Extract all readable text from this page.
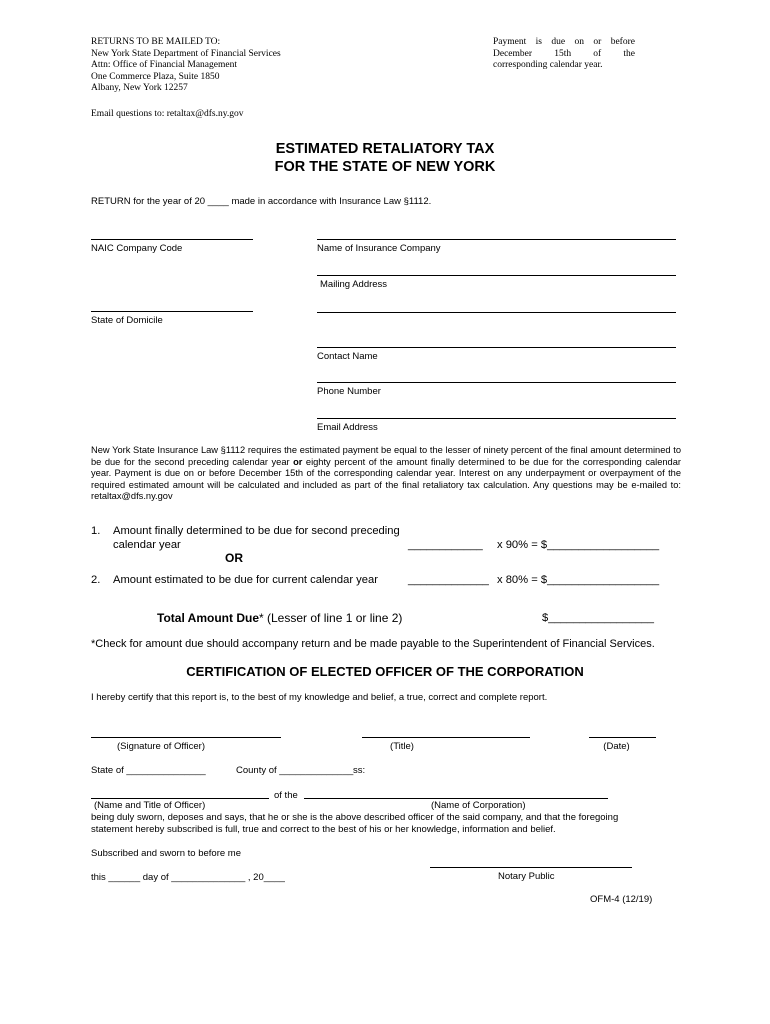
RETURNS TO BE MAILED TO:
New York State Department of Financial Services
Attn: Office of Financial Management
One Commerce Plaza, Suite 1850
Albany, New York 12257
Payment is due on or before
December 15th of the
corresponding calendar year.
Email questions to: retaltax@dfs.ny.gov
ESTIMATED RETALIATORY TAX
FOR THE STATE OF NEW YORK
RETURN for the year of 20 ____ made in accordance with Insurance Law §1112.
NAIC Company Code	Name of Insurance Company
Mailing Address
State of Domicile
Contact Name
Phone Number
Email Address
New York State Insurance Law §1112 requires the estimated payment be equal to the lesser of ninety percent of the final amount determined to be due for the second preceding calendar year or eighty percent of the amount finally determined to be due for the corresponding calendar year. Payment is due on or before December 15th of the corresponding calendar year. Interest on any underpayment or overpayment of the required estimated amount will be calculated and included as part of the final retaliatory tax calculation. Any questions may be e-mailed to: retaltax@dfs.ny.gov
1. Amount finally determined to be due for second preceding
calendar year	____________ x 90% = $__________________
OR
2. Amount estimated to be due for current calendar year	_____________ x 80% = $__________________
Total Amount Due* (Lesser of line 1 or line 2)	$_________________
*Check for amount due should accompany return and be made payable to the Superintendent of Financial Services.
CERTIFICATION OF ELECTED OFFICER OF THE CORPORATION
I hereby certify that this report is, to the best of my knowledge and belief, a true, correct and complete report.
(Signature of Officer)	(Title)	(Date)
State of _______________	County of ______________ ss:
of the
(Name and Title of Officer)	(Name of Corporation)
being duly sworn, deposes and says, that he or she is the above described officer of the said company, and that the foregoing
statement hereby subscribed is full, true and correct to the best of his or her knowledge, information and belief.
Subscribed and sworn to before me
this ______ day of ______________ , 20____	Notary Public
OFM-4 (12/19)
